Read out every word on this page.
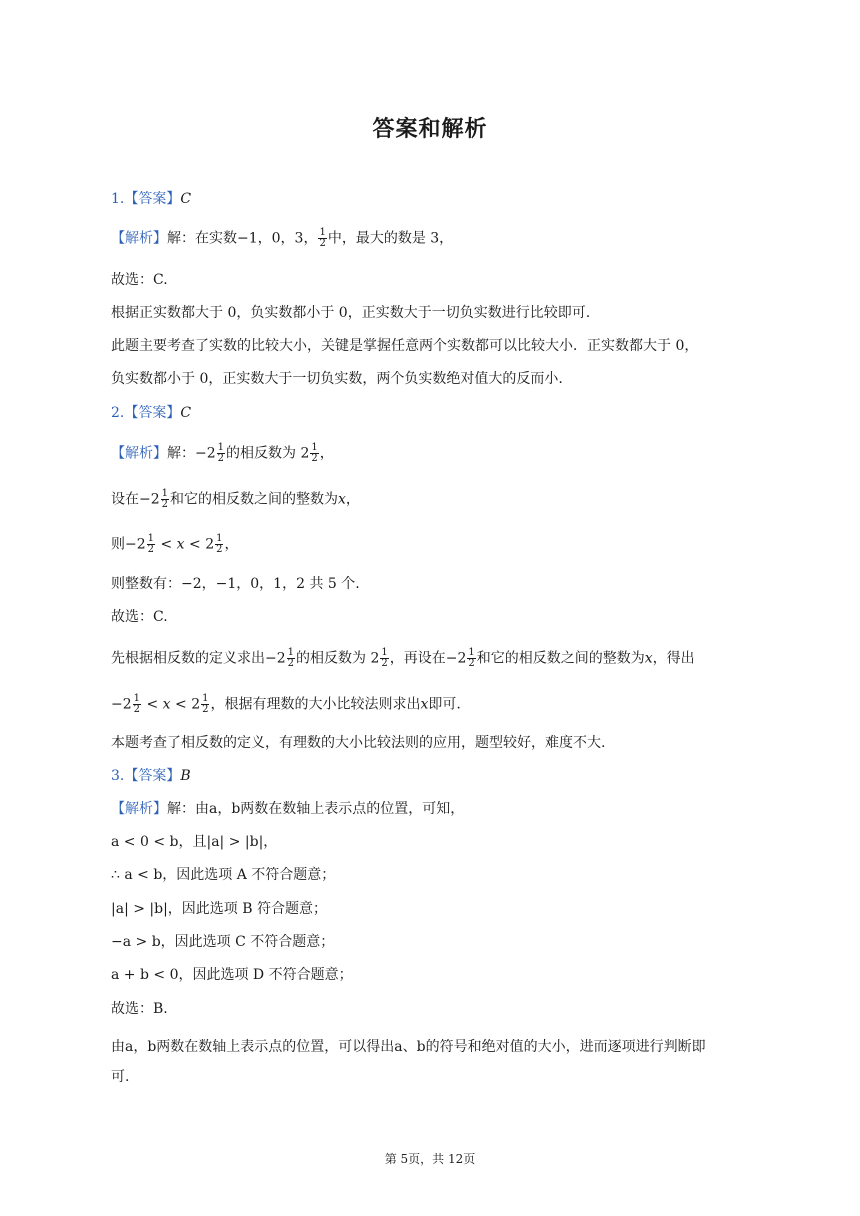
答案和解析
1.【答案】C
【解析】解：在实数−1，0，3， $\frac{1}{2}$ 中，最大的数是 3，
故选：C.
根据正实数都大于 0，负实数都小于 0，正实数大于一切负实数进行比较即可.
此题主要考查了实数的比较大小，关键是掌握任意两个实数都可以比较大小．正实数都大于 0，
负实数都小于 0，正实数大于一切负实数，两个负实数绝对值大的反而小.
2.【答案】C
【解析】解：$-2 \frac{1}{2}$ 的相反数为 $2 \frac{1}{2}$ ，
设在$-2 \frac{1}{2}$ 和它的相反数之间的整数为x，
则$-2 \frac{1}{2} < x < 2 \frac{1}{2}$ ，
则整数有：−2，−1，0，1，2 共 5 个.
故选：C.
先根据相反数的定义求出$-2 \frac{1}{2}$ 的相反数为 $2 \frac{1}{2}$ ，再设在$-2 \frac{1}{2}$ 和它的相反数之间的整数为x，得出
$-2 \frac{1}{2} < x < 2 \frac{1}{2}$ ，根据有理数的大小比较法则求出x即可.
本题考查了相反数的定义，有理数的大小比较法则的应用，题型较好，难度不大.
3.【答案】B
【解析】解：由a，b两数在数轴上表示点的位置，可知，
a < 0 < b，且|a| > |b|，
∴ a < b，因此选项 A 不符合题意；
|a| > |b|，因此选项 B 符合题意；
−a > b，因此选项 C 不符合题意；
a + b < 0，因此选项 D 不符合题意；
故选：B.
由a，b两数在数轴上表示点的位置，可以得出a、b的符号和绝对值的大小，进而逐项进行判断即
可.
第 5页，共 12页
